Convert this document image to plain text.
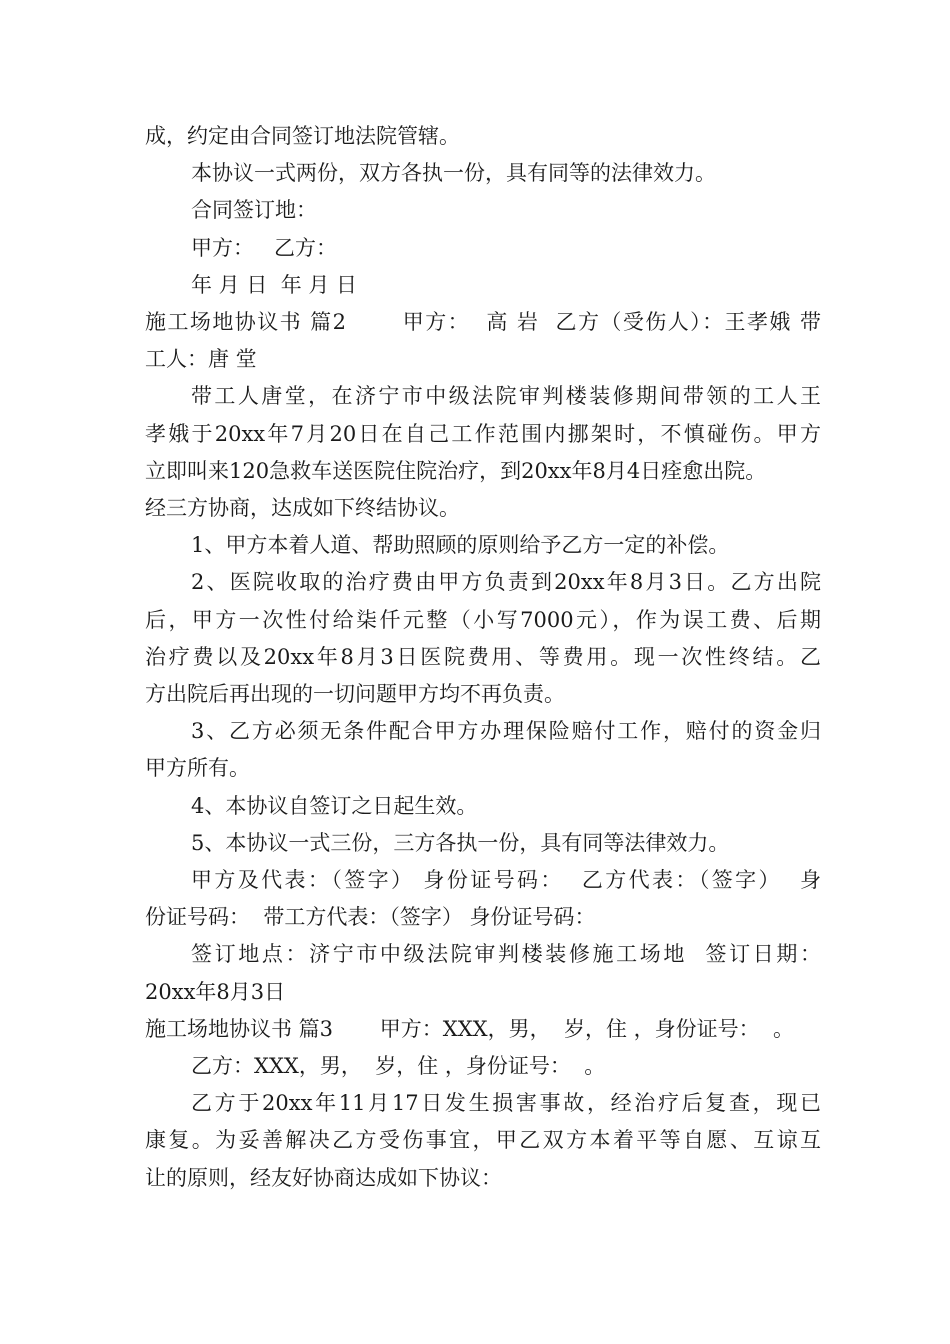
成，约定由合同签订地法院管辖。

本协议一式两份，双方各执一份，具有同等的法律效力。

合同签订地：

甲方：   乙方：

年 月 日  年 月 日

施工场地协议书 篇2       甲方：  高 岩  乙方（受伤人）：王孝娥 带

工人：唐 堂

带工人唐堂，在济宁市中级法院审判楼装修期间带领的工人王

孝娥于20xx年7月20日在自己工作范围内挪架时，不慎碰伤。甲方

立即叫来120急救车送医院住院治疗，到20xx年8月4日痊愈出院。

经三方协商，达成如下终结协议。

1、甲方本着人道、帮助照顾的原则给予乙方一定的补偿。

2、医院收取的治疗费由甲方负责到20xx年8月3日。乙方出院

后，甲方一次性付给柒仟元整（小写7000元），作为误工费、后期

治疗费以及20xx年8月3日医院费用、等费用。现一次性终结。乙

方出院后再出现的一切问题甲方均不再负责。

3、乙方必须无条件配合甲方办理保险赔付工作，赔付的资金归

甲方所有。

4、本协议自签订之日起生效。

5、本协议一式三份，三方各执一份，具有同等法律效力。

甲方及代表：（签字） 身份证号码：  乙方代表：（签字）  身

份证号码：  带工方代表：（签字） 身份证号码：

签订地点：济宁市中级法院审判楼装修施工场地  签订日期：

20xx年8月3日

施工场地协议书 篇3       甲方：XXX，男，  岁，住 ，身份证号：  。

乙方：XXX，男，  岁，住 ，身份证号：  。

乙方于20xx年11月17日发生损害事故，经治疗后复查，现已

康复。为妥善解决乙方受伤事宜，甲乙双方本着平等自愿、互谅互

让的原则，经友好协商达成如下协议：
